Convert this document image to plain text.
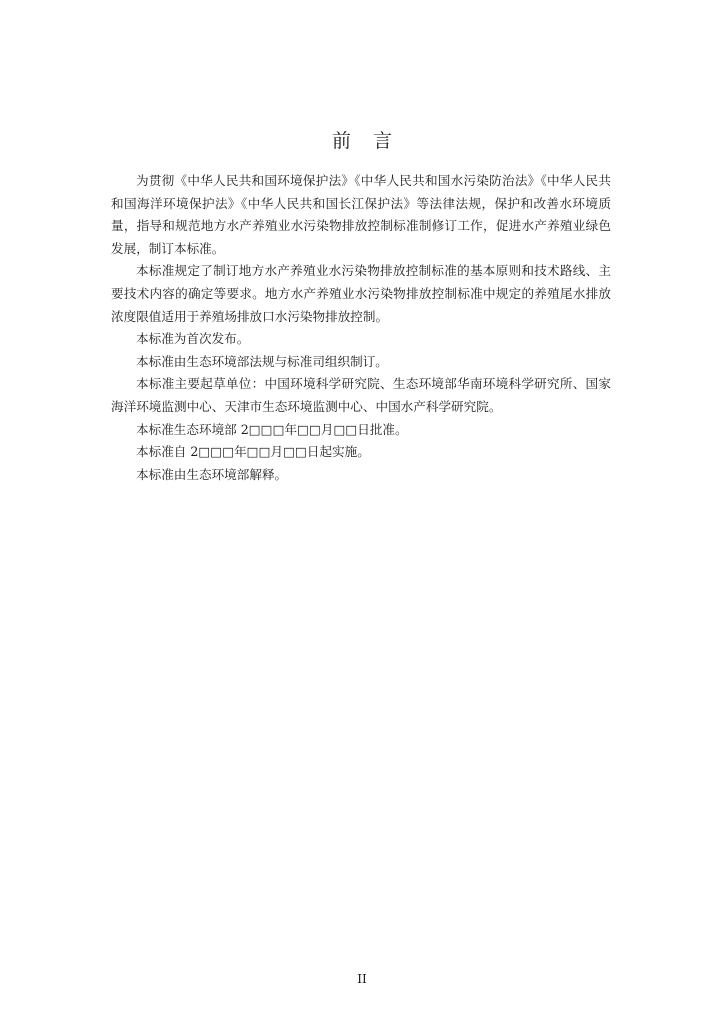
前言

为贯彻《中华人民共和国环境保护法》《中华人民共和国水污染防治法》《中华人民共和国海洋环境保护法》《中华人民共和国长江保护法》等法律法规，保护和改善水环境质量，指导和规范地方水产养殖业水污染物排放控制标准制修订工作，促进水产养殖业绿色发展，制订本标准。

本标准规定了制订地方水产养殖业水污染物排放控制标准的基本原则和技术路线、主要技术内容的确定等要求。地方水产养殖业水污染物排放控制标准中规定的养殖尾水排放浓度限值适用于养殖场排放口水污染物排放控制。

本标准为首次发布。

本标准由生态环境部法规与标准司组织制订。

本标准主要起草单位：中国环境科学研究院、生态环境部华南环境科学研究所、国家海洋环境监测中心、天津市生态环境监测中心、中国水产科学研究院。

本标准生态环境部 2□□□年□□月□□日批准。

本标准自 2□□□年□□月□□日起实施。

本标准由生态环境部解释。

II
